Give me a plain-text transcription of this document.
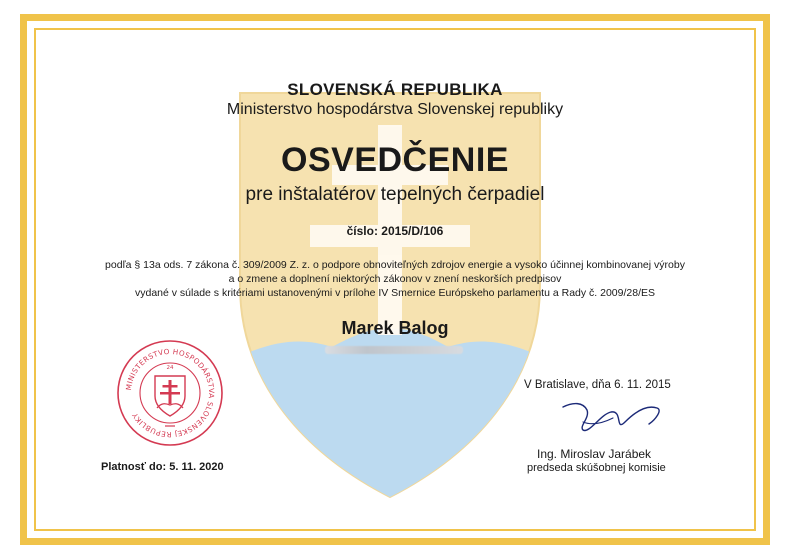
SLOVENSKÁ REPUBLIKA
Ministerstvo hospodárstva Slovenskej republiky
OSVEDČENIE
pre inštalatérov tepelných čerpadiel
číslo: 2015/D/106
podľa § 13a ods. 7 zákona č. 309/2009 Z. z. o podpore obnoviteľných zdrojov energie a vysoko účinnej kombinovanej výroby
a o zmene a doplnení niektorých zákonov v znení neskorších predpisov
vydané v súlade s kritériami ustanovenými v prílohe IV Smernice Európskeho parlamentu a Rady č. 2009/28/ES
Marek Balog
MINISTERSTVO HOSPODÁRSTVA SLOVENSKEJ REPUBLIKY
24
V Bratislave, dňa 6. 11. 2015
Ing. Miroslav Jarábek
predseda skúšobnej komisie
Platnosť do: 5. 11. 2020
